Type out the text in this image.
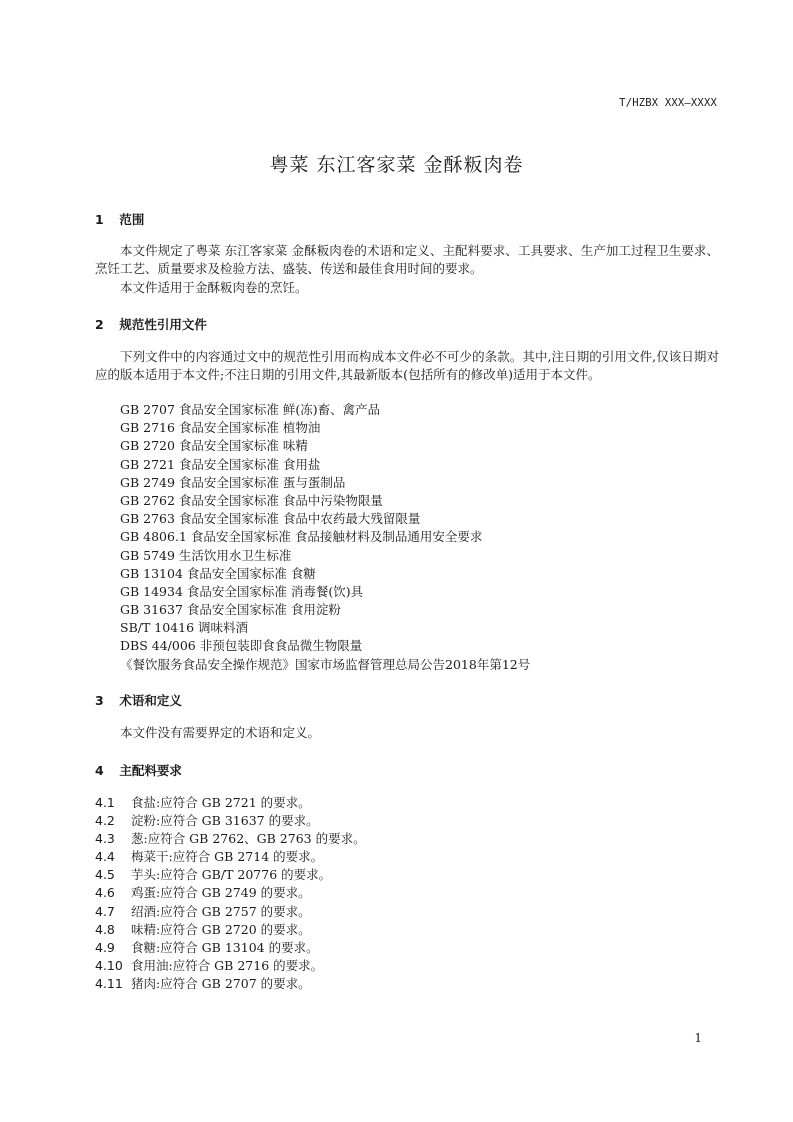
T/HZBX XXX—XXXX
粤菜 东江客家菜 金酥粄肉卷
1 范围
本文件规定了粤菜 东江客家菜 金酥粄肉卷的术语和定义、主配料要求、工具要求、生产加工过程卫生要求、烹饪工艺、质量要求及检验方法、盛装、传送和最佳食用时间的要求。
本文件适用于金酥粄肉卷的烹饪。
2 规范性引用文件
下列文件中的内容通过文中的规范性引用而构成本文件必不可少的条款。其中,注日期的引用文件,仅该日期对应的版本适用于本文件;不注日期的引用文件,其最新版本(包括所有的修改单)适用于本文件。
GB 2707 食品安全国家标准 鲜(冻)畜、禽产品
GB 2716 食品安全国家标准 植物油
GB 2720 食品安全国家标准 味精
GB 2721 食品安全国家标准 食用盐
GB 2749 食品安全国家标准 蛋与蛋制品
GB 2762 食品安全国家标准 食品中污染物限量
GB 2763 食品安全国家标准 食品中农药最大残留限量
GB 4806.1 食品安全国家标准 食品接触材料及制品通用安全要求
GB 5749 生活饮用水卫生标准
GB 13104 食品安全国家标准 食糖
GB 14934 食品安全国家标准 消毒餐(饮)具
GB 31637 食品安全国家标准 食用淀粉
SB/T 10416 调味料酒
DBS 44/006 非预包装即食食品微生物限量
《餐饮服务食品安全操作规范》国家市场监督管理总局公告2018年第12号
3 术语和定义
本文件没有需要界定的术语和定义。
4 主配料要求
4.1 食盐:应符合 GB 2721 的要求。
4.2 淀粉:应符合 GB 31637 的要求。
4.3 葱:应符合 GB 2762、GB 2763 的要求。
4.4 梅菜干:应符合 GB 2714 的要求。
4.5 芋头:应符合 GB/T 20776 的要求。
4.6 鸡蛋:应符合 GB 2749 的要求。
4.7 绍酒:应符合 GB 2757 的要求。
4.8 味精:应符合 GB 2720 的要求。
4.9 食糖:应符合 GB 13104 的要求。
4.10 食用油:应符合 GB 2716 的要求。
4.11 猪肉:应符合 GB 2707 的要求。
1
